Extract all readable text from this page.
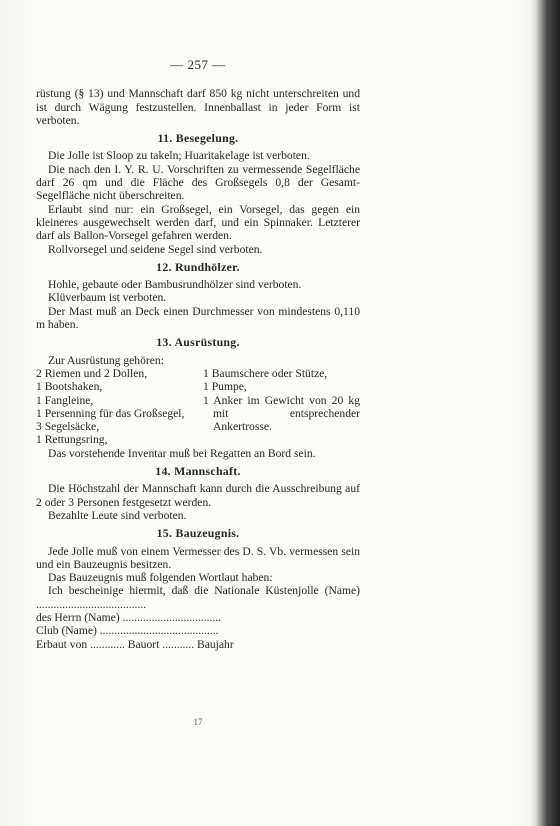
— 257 —

rüstung (§ 13) und Mannschaft darf 850 kg nicht unterschreiten und ist durch Wägung festzustellen. Innenballast in jeder Form ist verboten.

11. Besegelung.

Die Jolle ist Sloop zu takeln; Huaritakelage ist verboten.

Die nach den I. Y. R. U. Vorschriften zu vermessende Segelfläche darf 26 qm und die Fläche des Großsegels 0,8 der Gesamt-Segelfläche nicht überschreiten.

Erlaubt sind nur: ein Großsegel, ein Vorsegel, das gegen ein kleineres ausgewechselt werden darf, und ein Spinnaker. Letzterer darf als Ballon-Vorsegel gefahren werden.

Rollvorsegel und seidene Segel sind verboten.

12. Rundhölzer.

Hohle, gebaute oder Bambusrundhölzer sind verboten.

Klüverbaum ist verboten.

Der Mast muß an Deck einen Durchmesser von mindestens 0,110 m haben.

13. Ausrüstung.

Zur Ausrüstung gehören:

2 Riemen und 2 Dollen,
1 Bootshaken,
1 Fangleine,
1 Persenning für das Großsegel,
3 Segelsäcke,
1 Rettungsring,
1 Baumschere oder Stütze,
1 Pumpe,
1 Anker im Gewicht von 20 kg mit entsprechender Ankertrosse.

Das vorstehende Inventar muß bei Regatten an Bord sein.

14. Mannschaft.

Die Höchstzahl der Mannschaft kann durch die Ausschreibung auf 2 oder 3 Personen festgesetzt werden.

Bezahlte Leute sind verboten.

15. Bauzeugnis.

Jede Jolle muß von einem Vermesser des D. S. Vb. vermessen sein und ein Bauzeugnis besitzen.

Das Bauzeugnis muß folgenden Wortlaut haben:

Ich bescheinige hiermit, daß die Nationale Küstenjolle (Name) ......................................

des Herrn (Name) ..................................

Club (Name) .........................................

Erbaut von ............ Bauort ........... Baujahr

17
